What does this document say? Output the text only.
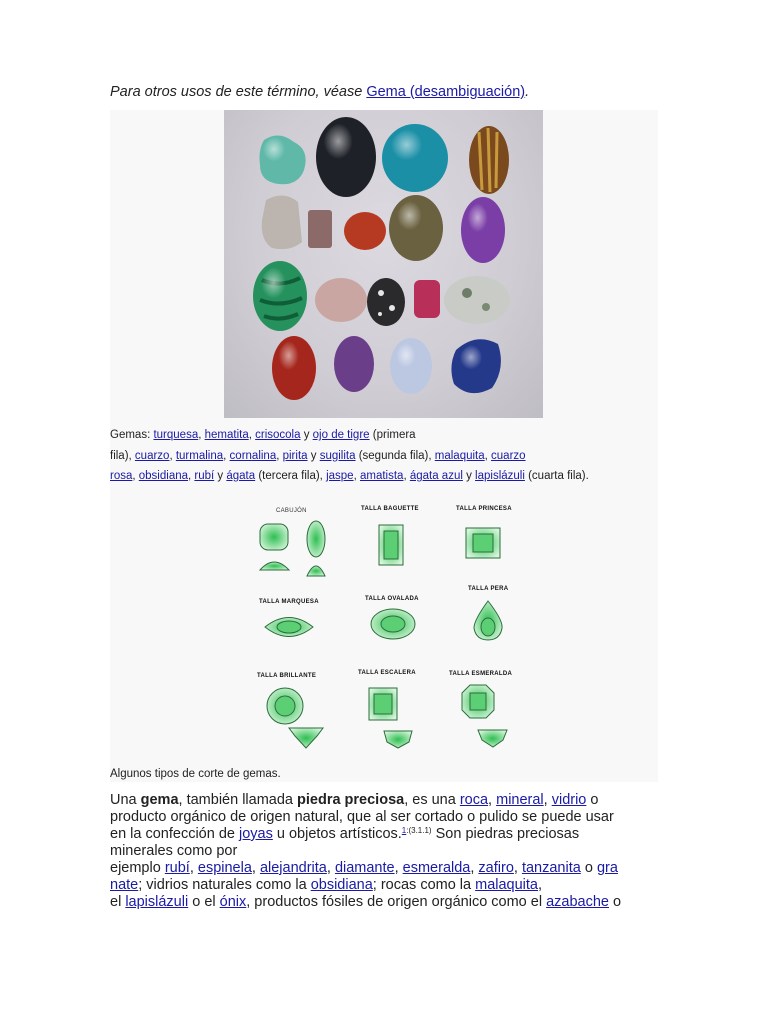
Para otros usos de este término, véase Gema (desambiguación).
Gemas: turquesa, hematita, crisocola y ojo de tigre (primera
fila), cuarzo, turmalina, cornalina, pirita y sugilita (segunda fila), malaquita, cuarzo
rosa, obsidiana, rubí y ágata (tercera fila), jaspe, amatista, ágata azul y lapislázuli (cuarta fila).
CABUJÓN	TALLA BAGUETTE	TALLA PRINCESA
TALLA MARQUESA	TALLA OVALADA
TALLA PERA
TALLA BRILLANTE	TALLA ESCALERA	TALLA ESMERALDA
Algunos tipos de corte de gemas.
Una gema, también llamada piedra preciosa, es una roca, mineral, vidrio o
producto orgánico de origen natural, que al ser cortado o pulido se puede usar
en la confección de joyas u objetos artísticos.$^{1:(3.1.1)}$ Son piedras preciosas
minerales como por
ejemplo rubí, espinela, alejandrita, diamante, esmeralda, zafiro, tanzanita o gra
nate; vidrios naturales como la obsidiana; rocas como la malaquita,
el lapislázuli o el ónix, productos fósiles de origen orgánico como el azabache o
